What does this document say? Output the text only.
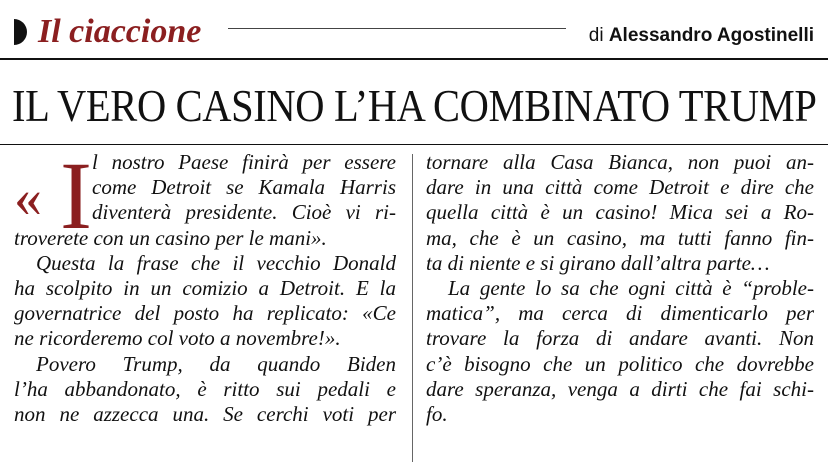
Il ciaccione	di Alessandro Agostinelli
IL VERO CASINO L’HA COMBINATO TRUMP
« I l nostro Paese finirà per essere
come Detroit se Kamala Harris
diventerà presidente. Cioè vi ri-
troverete con un casino per le mani».
Questa la frase che il vecchio Donald
ha scolpito in un comizio a Detroit. E la
governatrice del posto ha replicato: «Ce
ne ricorderemo col voto a novembre!».
Povero Trump, da quando Biden
l’ha abbandonato, è ritto sui pedali e
non ne azzecca una. Se cerchi voti per
tornare alla Casa Bianca, non puoi an-
dare in una città come Detroit e dire che
quella città è un casino! Mica sei a Ro-
ma, che è un casino, ma tutti fanno fin-
ta di niente e si girano dall’altra parte…
La gente lo sa che ogni città è “proble-
matica”, ma cerca di dimenticarlo per
trovare la forza di andare avanti. Non
c’è bisogno che un politico che dovrebbe
dare speranza, venga a dirti che fai schi-
fo.
